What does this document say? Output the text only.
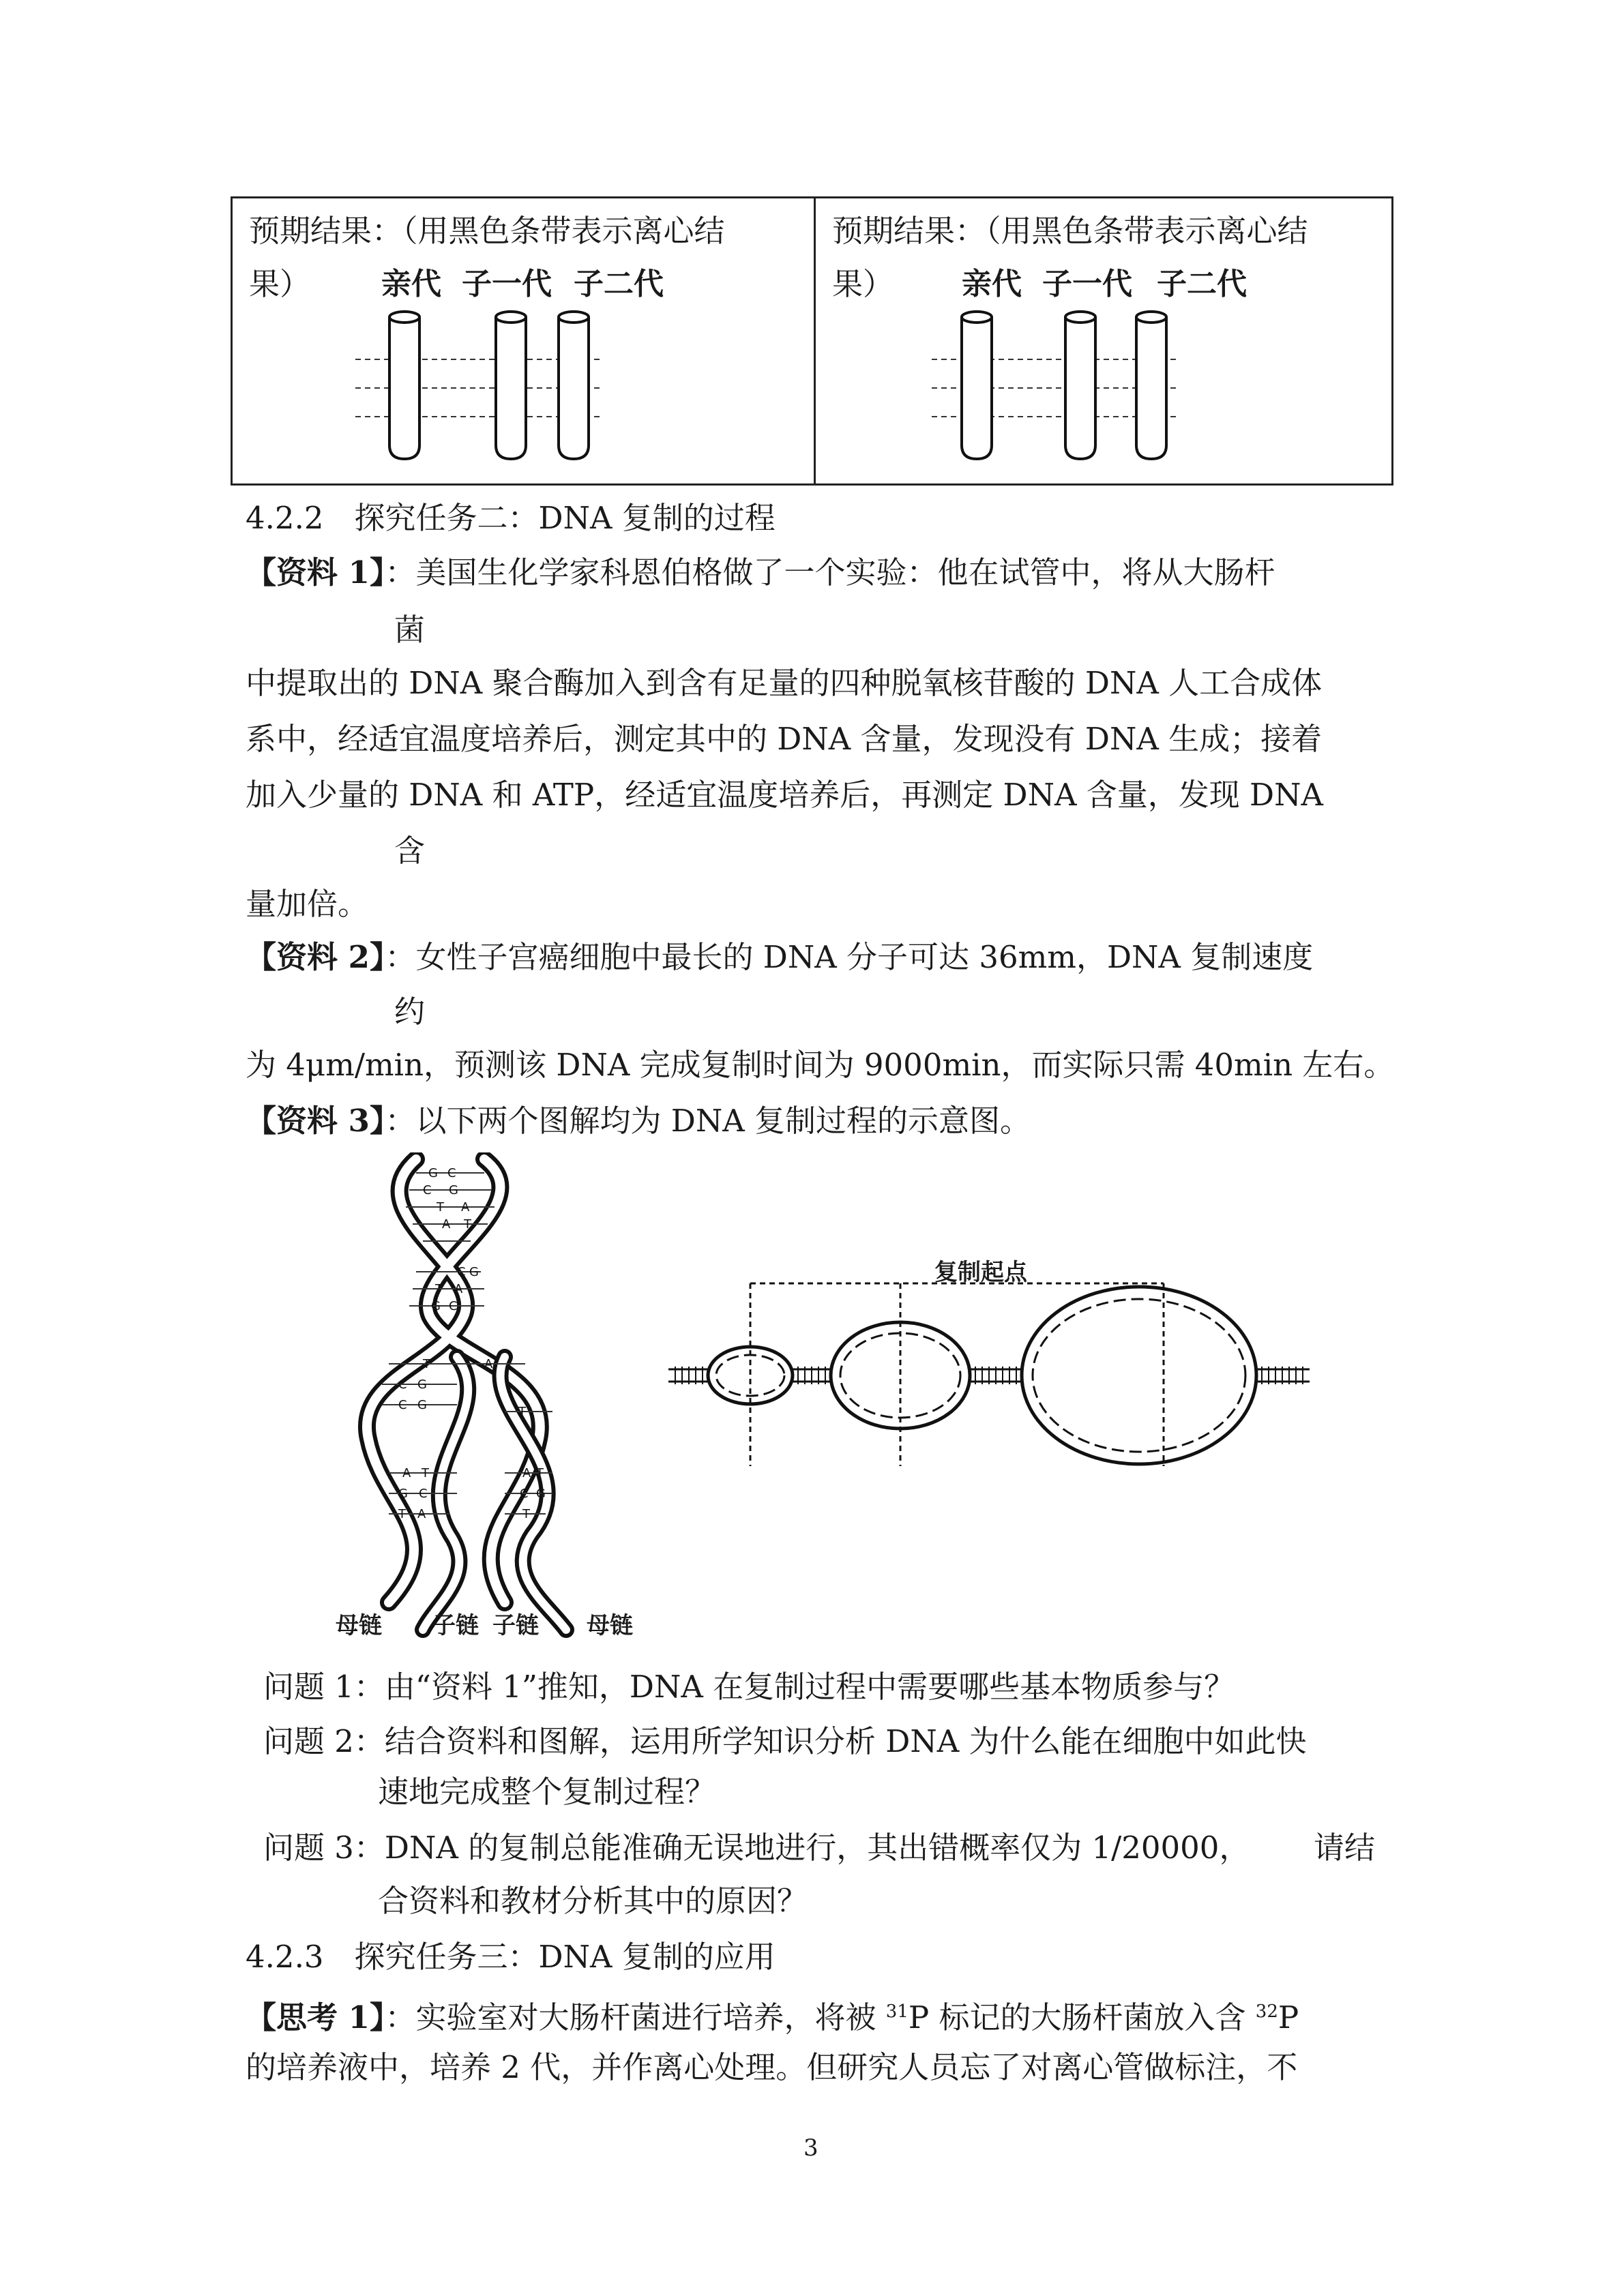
预期结果：（用黑色条带表示离心结
果） 亲代 子一代 子二代
预期结果：（用黑色条带表示离心结
果） 亲代 子一代 子二代
4.2.2　探究任务二：DNA 复制的过程
【资料 1】：美国生化学家科恩伯格做了一个实验：他在试管中，将从大肠杆
菌
中提取出的 DNA 聚合酶加入到含有足量的四种脱氧核苷酸的 DNA 人工合成体
系中，经适宜温度培养后，测定其中的 DNA 含量，发现没有 DNA 生成；接着
加入少量的 DNA 和 ATP，经适宜温度培养后，再测定 DNA 含量，发现 DNA
含
量加倍。
【资料 2】：女性子宫癌细胞中最长的 DNA 分子可达 36mm，DNA 复制速度
约
为 4μm/min，预测该 DNA 完成复制时间为 9000min，而实际只需 40min 左右。
【资料 3】：以下两个图解均为 DNA 复制过程的示意图。
G C
C G
T A
A T
C G
T A
G C
T	A
C G
C G	T
A T
G C
T A
A T
C G
T
母链 子链 子链 母链
复制起点
问题 1：由“资料 1”推知，DNA 在复制过程中需要哪些基本物质参与？
问题 2：结合资料和图解，运用所学知识分析 DNA 为什么能在细胞中如此快
速地完成整个复制过程？
问题 3：DNA 的复制总能准确无误地进行，其出错概率仅为 1/20000， 请结
合资料和教材分析其中的原因？
4.2.3　探究任务三：DNA 复制的应用
【思考 1】：实验室对大肠杆菌进行培养，将被 $^{31}$P 标记的大肠杆菌放入含 $^{32}$P
的培养液中，培养 2 代，并作离心处理。但研究人员忘了对离心管做标注，不
3
